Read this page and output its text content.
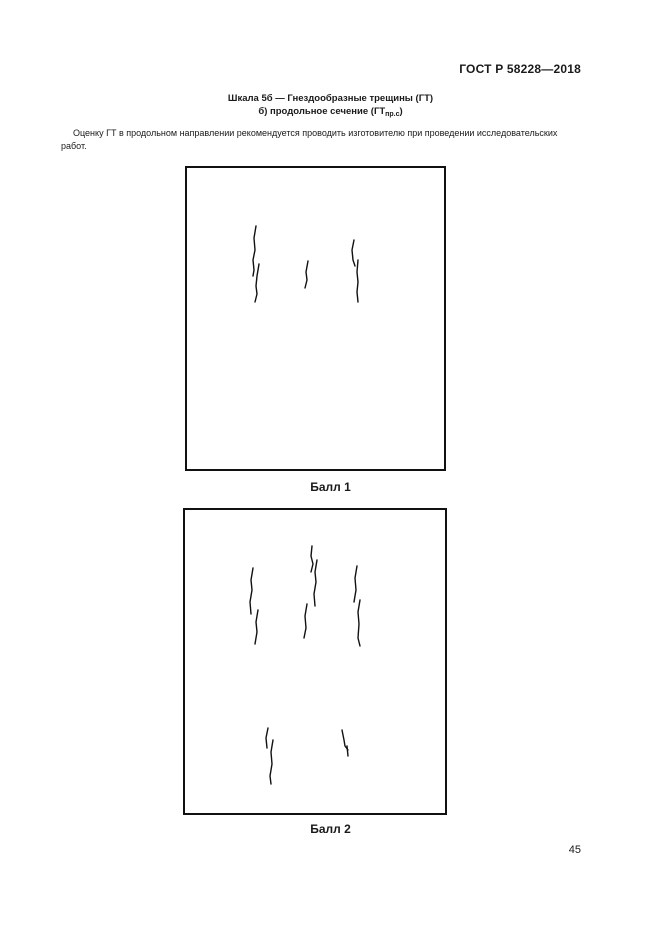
ГОСТ Р 58228—2018
Шкала 5б — Гнездообразные трещины (ГТ)
б) продольное сечение $(ГТ_{пр.с})$
Оценку ГТ в продольном направлении рекомендуется проводить изготовителю при проведении исследовательских работ.
Балл 1
Балл 2
45
